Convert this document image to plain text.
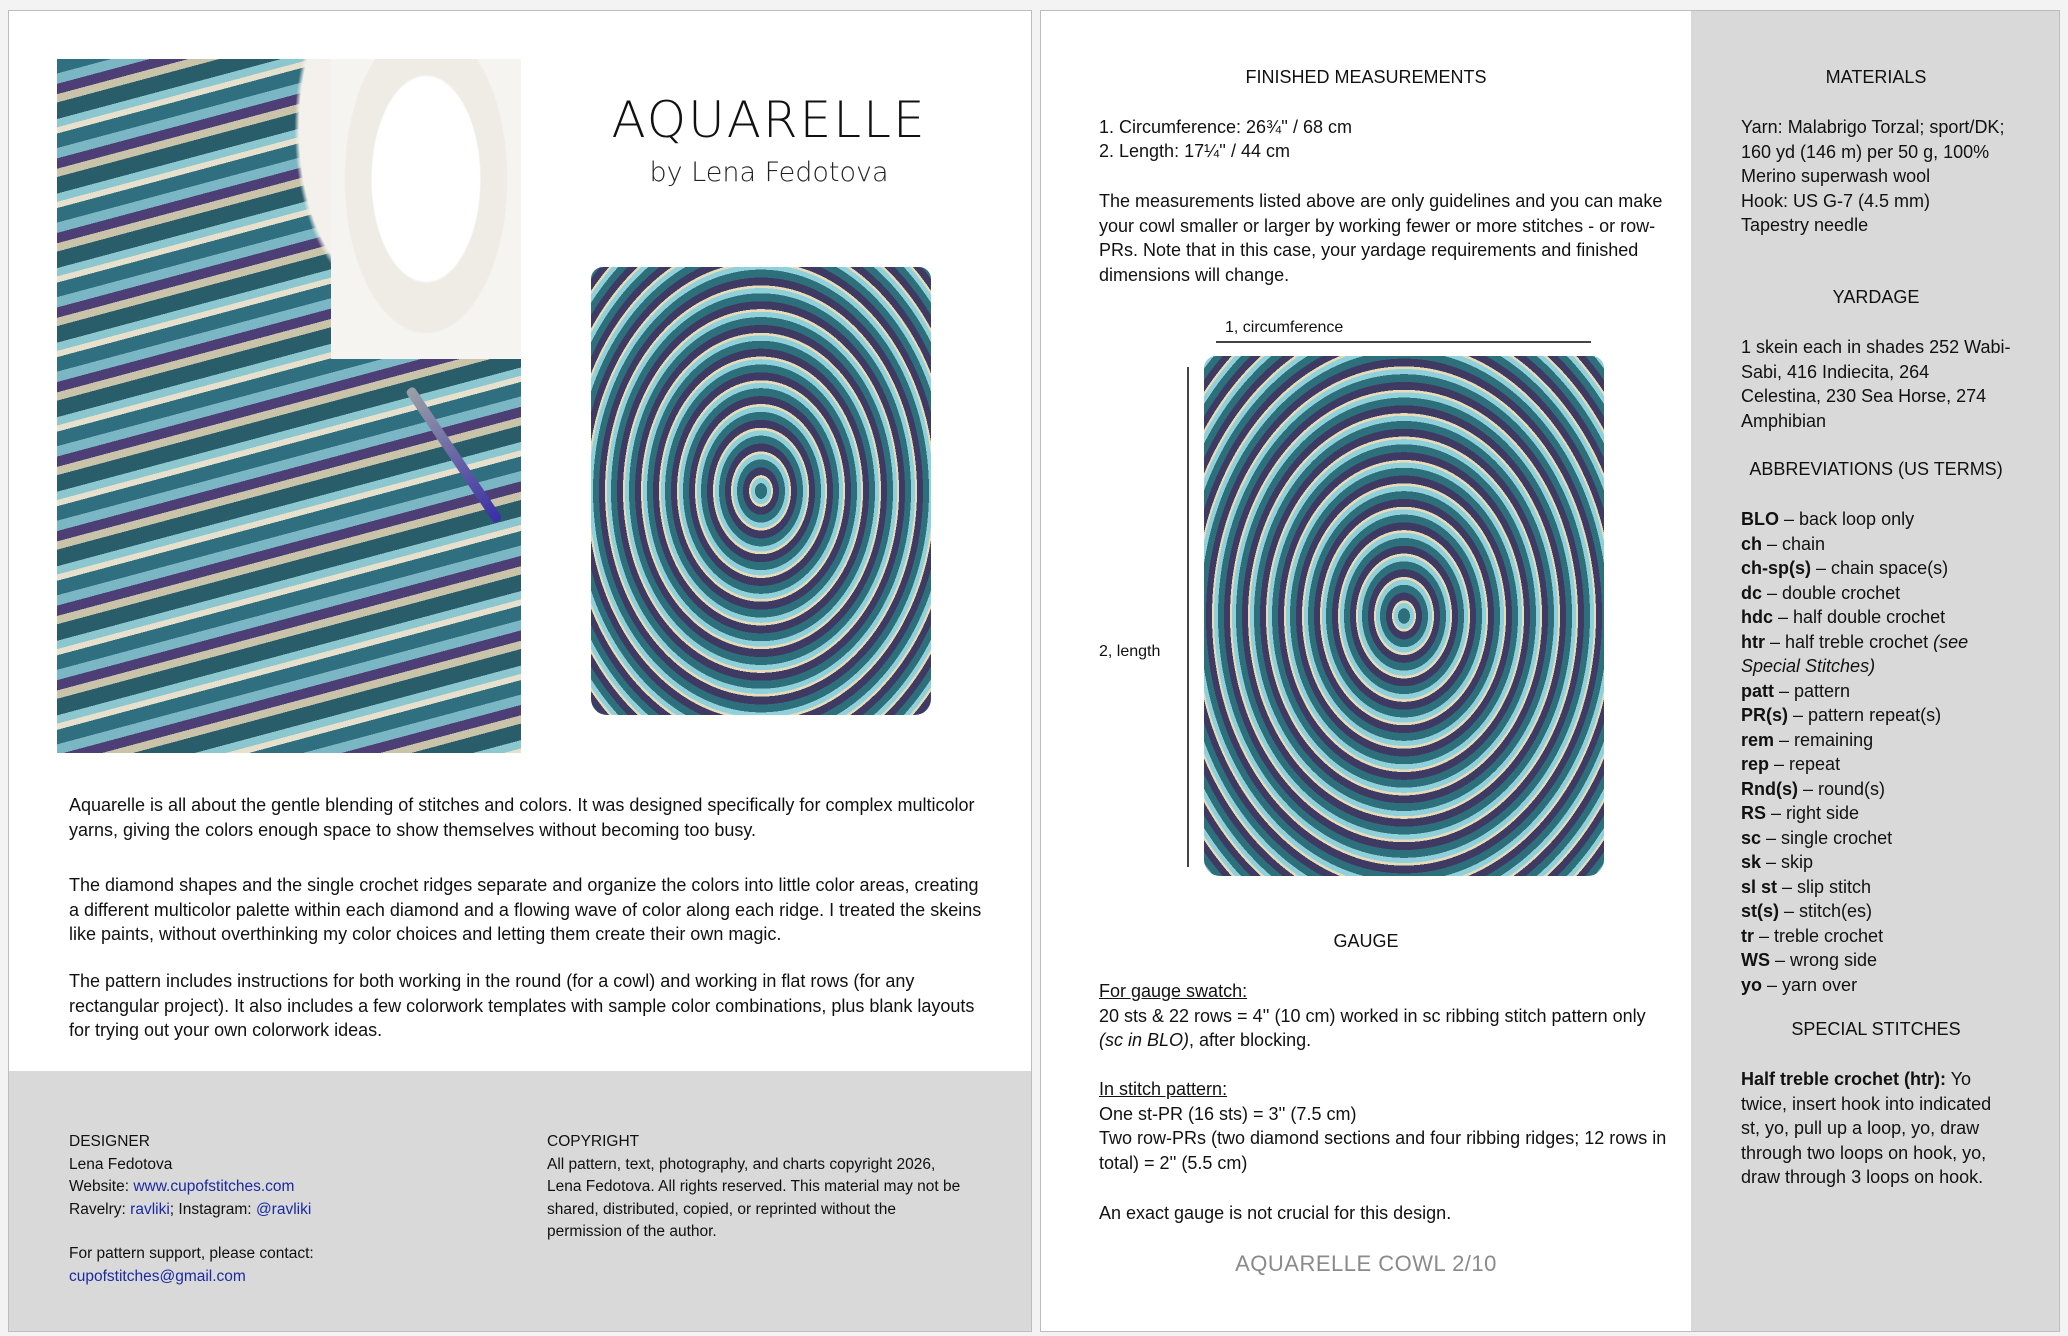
AQUARELLE
by Lena Fedotova

Aquarelle is all about the gentle blending of stitches and colors. It was designed specifically for complex multicolor yarns, giving the colors enough space to show themselves without becoming too busy.

The diamond shapes and the single crochet ridges separate and organize the colors into little color areas, creating a different multicolor palette within each diamond and a flowing wave of color along each ridge. I treated the skeins like paints, without overthinking my color choices and letting them create their own magic.

The pattern includes instructions for both working in the round (for a cowl) and working in flat rows (for any rectangular project). It also includes a few colorwork templates with sample color combinations, plus blank layouts for trying out your own colorwork ideas.

DESIGNER
Lena Fedotova
Website: www.cupofstitches.com
Ravelry: ravliki; Instagram: @ravliki
For pattern support, please contact:
cupofstitches@gmail.com
COPYRIGHT
All pattern, text, photography, and charts copyright 2026, Lena Fedotova. All rights reserved. This material may not be shared, distributed, copied, or reprinted without the permission of the author.
FINISHED MEASUREMENTS
1. Circumference: 26¾'' / 68 cm
2. Length: 17¼'' / 44 cm
The measurements listed above are only guidelines and you can make your cowl smaller or larger by working fewer or more stitches - or row-PRs. Note that in this case, your yardage requirements and finished dimensions will change.
1, circumference
2, length
GAUGE
For gauge swatch:
20 sts & 22 rows = 4'' (10 cm) worked in sc ribbing stitch pattern only (sc in BLO), after blocking.
In stitch pattern:
One st-PR (16 sts) = 3'' (7.5 cm)
Two row-PRs (two diamond sections and four ribbing ridges; 12 rows in total) = 2'' (5.5 cm)
An exact gauge is not crucial for this design.
AQUARELLE COWL 2/10
MATERIALS
Yarn: Malabrigo Torzal; sport/DK; 160 yd (146 m) per 50 g, 100% Merino superwash wool
Hook: US G-7 (4.5 mm)
Tapestry needle
YARDAGE
1 skein each in shades 252 Wabi-Sabi, 416 Indiecita, 264 Celestina, 230 Sea Horse, 274 Amphibian
ABBREVIATIONS (US TERMS)
BLO – back loop only
ch – chain
ch-sp(s) – chain space(s)
dc – double crochet
hdc – half double crochet
htr – half treble crochet (see Special Stitches)
patt – pattern
PR(s) – pattern repeat(s)
rem – remaining
rep – repeat
Rnd(s) – round(s)
RS – right side
sc – single crochet
sk – skip
sl st – slip stitch
st(s) – stitch(es)
tr – treble crochet
WS – wrong side
yo – yarn over
SPECIAL STITCHES
Half treble crochet (htr): Yo twice, insert hook into indicated st, yo, pull up a loop, yo, draw through two loops on hook, yo, draw through 3 loops on hook.
